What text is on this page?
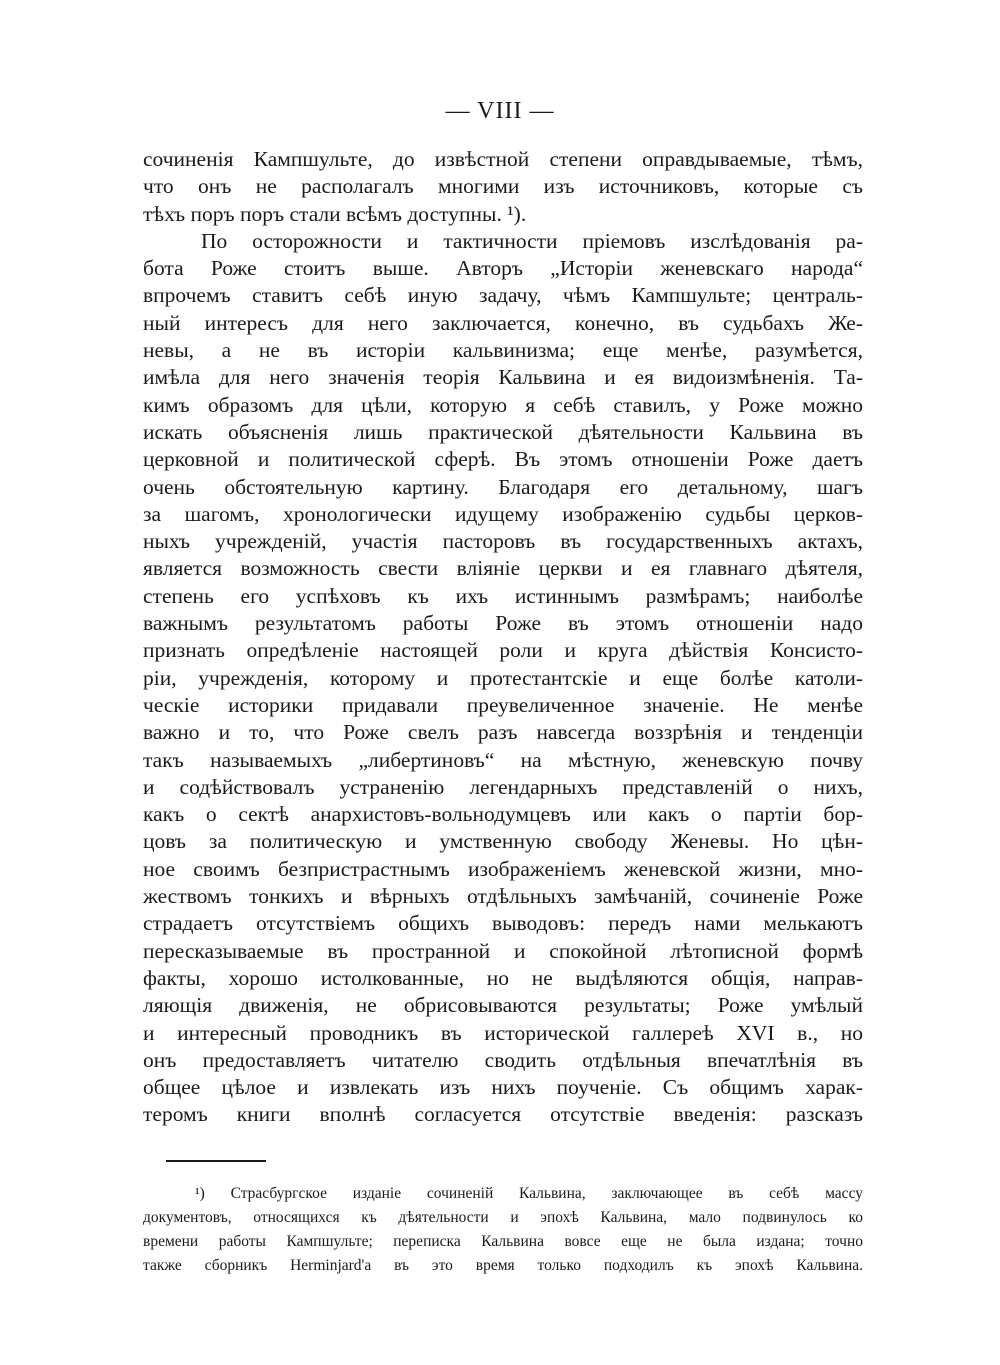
— VIII —
сочиненія Кампшульте, до извѣстной степени оправдываемые, тѣмъ,
что онъ не располагалъ многими изъ источниковъ, которые съ
тѣхъ поръ поръ стали всѣмъ доступны. ¹).
По осторожности и тактичности пріемовъ изслѣдованія ра-
бота Роже стоитъ выше. Авторъ „Исторіи женевскаго народа“
впрочемъ ставитъ себѣ иную задачу, чѣмъ Кампшульте; централь-
ный интересъ для него заключается, конечно, въ судьбахъ Же-
невы, а не въ исторіи кальвинизма; еще менѣе, разумѣется,
имѣла для него значенія теорія Кальвина и ея видоизмѣненія. Та-
кимъ образомъ для цѣли, которую я себѣ ставилъ, у Роже можно
искать объясненія лишь практической дѣятельности Кальвина въ
церковной и политической сферѣ. Въ этомъ отношеніи Роже даетъ
очень обстоятельную картину. Благодаря его детальному, шагъ
за шагомъ, хронологически идущему изображенію судьбы церков-
ныхъ учрежденій, участія пасторовъ въ государственныхъ актахъ,
является возможность свести вліяніе церкви и ея главнаго дѣятеля,
степень его успѣховъ къ ихъ истиннымъ размѣрамъ; наиболѣе
важнымъ результатомъ работы Роже въ этомъ отношеніи надо
признать опредѣленіе настоящей роли и круга дѣйствія Консисто-
ріи, учрежденія, которому и протестантскіе и еще болѣе католи-
ческіе историки придавали преувеличенное значеніе. Не менѣе
важно и то, что Роже свелъ разъ навсегда воззрѣнія и тенденціи
такъ называемыхъ „либертиновъ“ на мѣстную, женевскую почву
и содѣйствовалъ устраненію легендарныхъ представленій о нихъ,
какъ о сектѣ анархистовъ-вольнодумцевъ или какъ о партіи бор-
цовъ за политическую и умственную свободу Женевы. Но цѣн-
ное своимъ безпристрастнымъ изображеніемъ женевской жизни, мно-
жествомъ тонкихъ и вѣрныхъ отдѣльныхъ замѣчаній, сочиненіе Роже
страдаетъ отсутствіемъ общихъ выводовъ: передъ нами мелькаютъ
пересказываемые въ пространной и спокойной лѣтописной формѣ
факты, хорошо истолкованные, но не выдѣляются общія, направ-
ляющія движенія, не обрисовываются результаты; Роже умѣлый
и интересный проводникъ въ исторической галлереѣ XVI в., но
онъ предоставляетъ читателю сводить отдѣльныя впечатлѣнія въ
общее цѣлое и извлекать изъ нихъ поученіе. Съ общимъ харак-
теромъ книги вполнѣ согласуется отсутствіе введенія: разсказъ
¹) Страсбургское изданіе сочиненій Кальвина, заключающее въ себѣ массу
документовъ, относящихся къ дѣятельности и эпохѣ Кальвина, мало подвинулось ко
времени работы Кампшульте; переписка Кальвина вовсе еще не была издана; точно
также сборникъ Herminjard'а въ это время только подходилъ къ эпохѣ Кальвина.
